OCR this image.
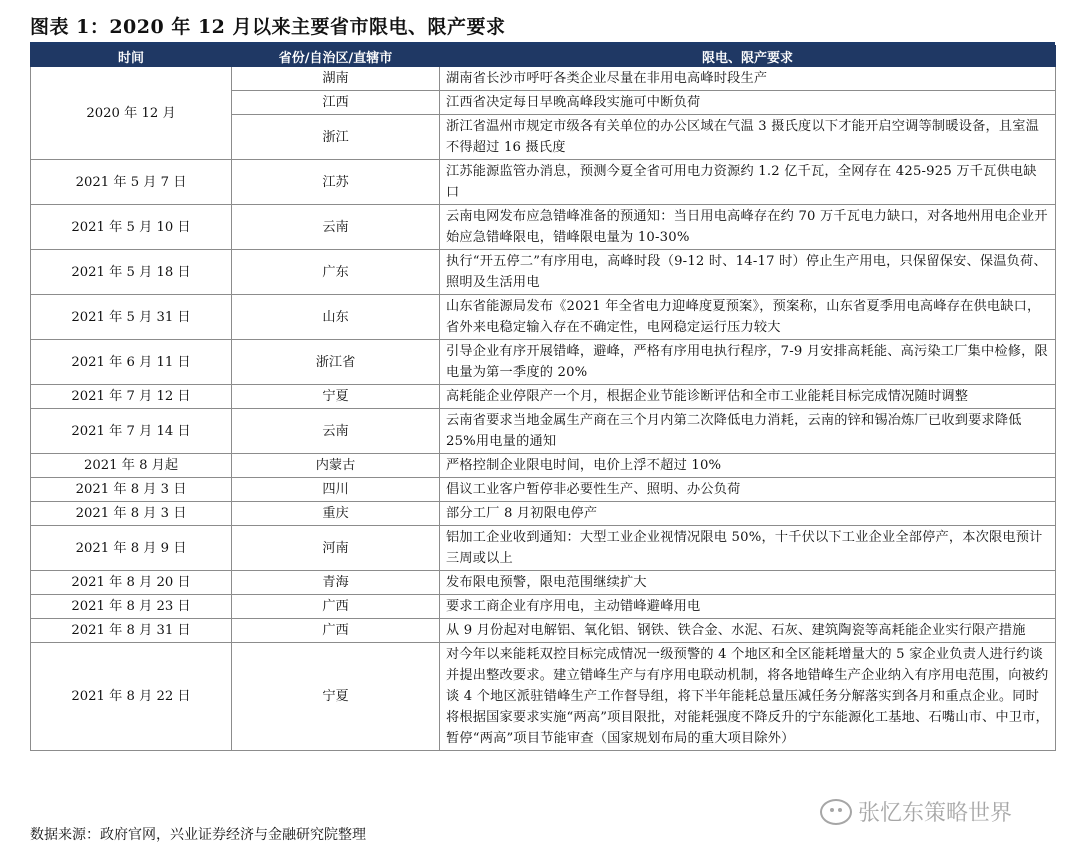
图表 1：2020 年 12 月以来主要省市限电、限产要求
时间	省份/自治区/直辖市	限电、限产要求
2020 年 12 月	湖南	湖南省长沙市呼吁各类企业尽量在非用电高峰时段生产
	江西	江西省决定每日早晚高峰段实施可中断负荷
	浙江	浙江省温州市规定市级各有关单位的办公区域在气温 3 摄氏度以下才能开启空调等制暖设备，且室温不得超过 16 摄氏度
2021 年 5 月 7 日	江苏	江苏能源监管办消息，预测今夏全省可用电力资源约 1.2 亿千瓦，全网存在 425-925 万千瓦供电缺口
2021 年 5 月 10 日	云南	云南电网发布应急错峰准备的预通知：当日用电高峰存在约 70 万千瓦电力缺口，对各地州用电企业开始应急错峰限电，错峰限电量为 10-30%
2021 年 5 月 18 日	广东	执行“开五停二”有序用电，高峰时段（9-12 时、14-17 时）停止生产用电，只保留保安、保温负荷、照明及生活用电
2021 年 5 月 31 日	山东	山东省能源局发布《2021 年全省电力迎峰度夏预案》，预案称，山东省夏季用电高峰存在供电缺口，省外来电稳定输入存在不确定性，电网稳定运行压力较大
2021 年 6 月 11 日	浙江省	引导企业有序开展错峰，避峰，严格有序用电执行程序，7-9 月安排高耗能、高污染工厂集中检修，限电量为第一季度的 20%
2021 年 7 月 12 日	宁夏	高耗能企业停限产一个月，根据企业节能诊断评估和全市工业能耗目标完成情况随时调整
2021 年 7 月 14 日	云南	云南省要求当地金属生产商在三个月内第二次降低电力消耗，云南的锌和锡冶炼厂已收到要求降低 25%用电量的通知
2021 年 8 月起	内蒙古	严格控制企业限电时间，电价上浮不超过 10%
2021 年 8 月 3 日	四川	倡议工业客户暂停非必要性生产、照明、办公负荷
2021 年 8 月 3 日	重庆	部分工厂 8 月初限电停产
2021 年 8 月 9 日	河南	铝加工企业收到通知：大型工业企业视情况限电 50%，十千伏以下工业企业全部停产，本次限电预计三周或以上
2021 年 8 月 20 日	青海	发布限电预警，限电范围继续扩大
2021 年 8 月 23 日	广西	要求工商企业有序用电，主动错峰避峰用电
2021 年 8 月 31 日	广西	从 9 月份起对电解铝、氧化铝、钢铁、铁合金、水泥、石灰、建筑陶瓷等高耗能企业实行限产措施
2021 年 8 月 22 日	宁夏	对今年以来能耗双控目标完成情况一级预警的 4 个地区和全区能耗增量大的 5 家企业负责人进行约谈并提出整改要求。建立错峰生产与有序用电联动机制，将各地错峰生产企业纳入有序用电范围，向被约谈 4 个地区派驻错峰生产工作督导组，将下半年能耗总量压减任务分解落实到各月和重点企业。同时将根据国家要求实施“两高”项目限批，对能耗强度不降反升的宁东能源化工基地、石嘴山市、中卫市，暂停“两高”项目节能审查（国家规划布局的重大项目除外）
数据来源：政府官网，兴业证券经济与金融研究院整理
张忆东策略世界
